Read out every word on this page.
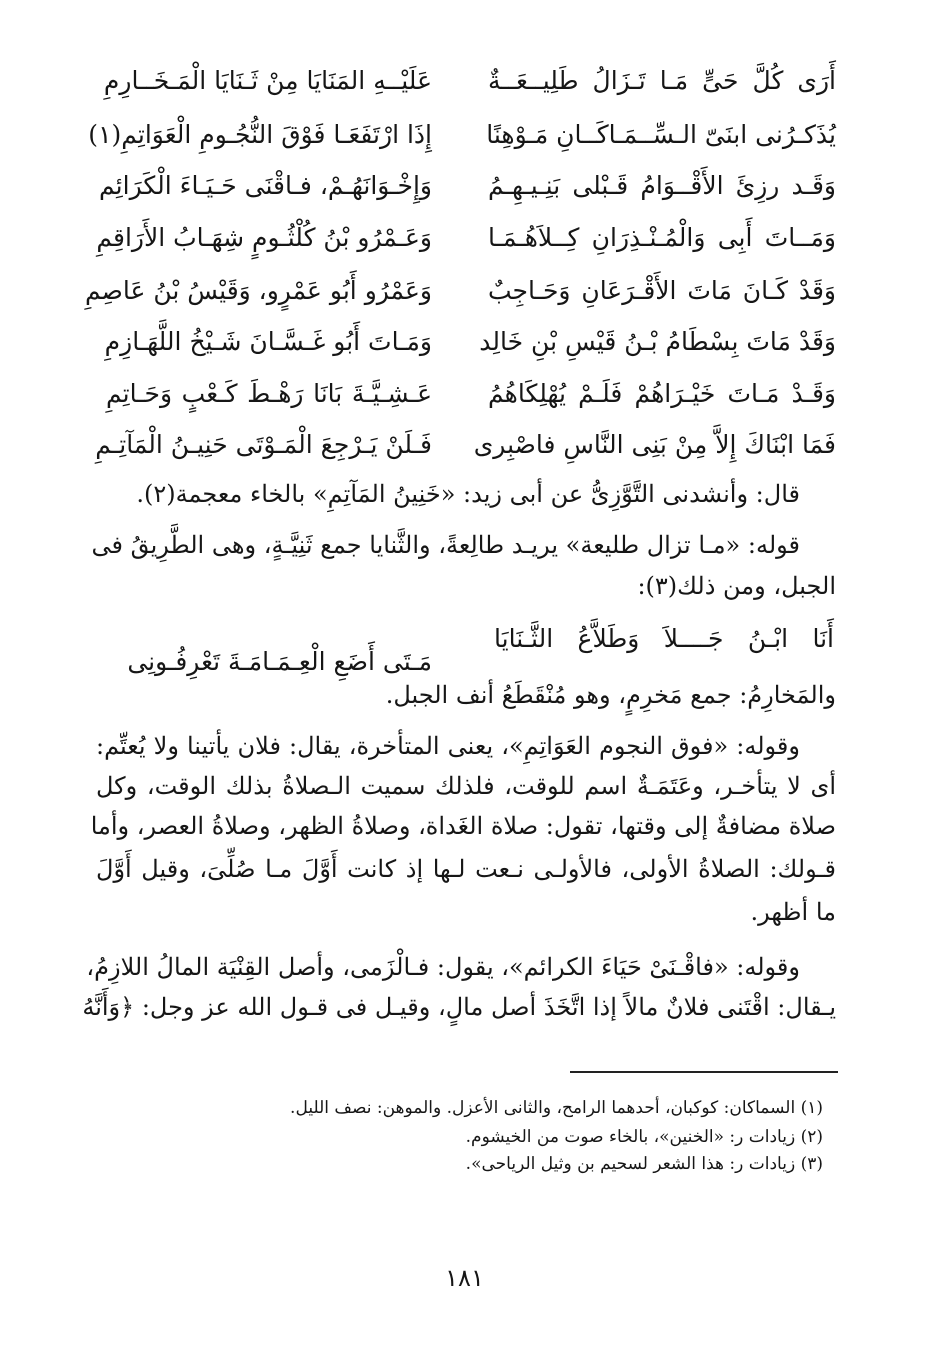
أَرَى كُلَّ حَىٍّ مَـا تَـزَالُ طَلِيــعَــةٌ
عَلَيْــهِ المَنَايَا مِنْ ثَـنَايَا الْمَـخَــارِمِ
يُذَكـرُنى ابنَىّ الـسِّــمَـاكَــانِ مَـوْهِنًا
إِذَا ارْتَفَعَـا فَوْقَ النُّجُـومِ الْعَوَاتِمِ(١)
وَقَـد رزِئَ الأَقْــوَامُ قَـبْلى بَنِـيـهِـمُ
وَإِخْـوَانَهُـمْ، فـاقْنَى حَـيَـاءَ الْكَرَائِم
وَمَــاتَ أَبِى وَالْمُـنْـذِرَانِ كِــلاَهُـمَـا
وَعَـمْرُو بْنُ كُلْثُـومٍ شِهَـابُ الأَرَاقِمِ
وَقَدْ كَـانَ مَاتَ الأَقْـرَعَانِ وَحَـاجِبٌ
وَعَمْرُو أَبُو عَمْرٍو، وَقَيْسُ بْنُ عَاصِمِ
وَقَدْ مَاتَ بِسْطَامُ بْـنُ قَيْسِ بْنِ خَالِد
وَمَـاتَ أَبُو غَـسَّـانَ شَـيْخُ اللَّهَـازِمِ
وَقَـدْ مَـاتَ خَيْـرَاهُمْ فَلَـمْ يُهْلِكَاهُمُ
عَـشِـيَّـةَ بَانَا رَهْـطَ كَـعْبٍ وَحَـاتِمِ
فَمَا ابْنَاكَ إِلاَّ مِنْ بَنِى النَّاسِ فاصْبِرى
فَـلَنْ يَـرْجِعَ الْمَـوْتَى حَنِيـنُ الْمَآتِـمِ
قال: وأنشدنى التَّوَّزِىُّ عن أبى زيد: «خَنِينُ المَآتِمِ» بالخاء معجمة(٢).
قوله: «مـا تزال طليعة» يريـد طالِعةً، والثَّنايا جمع ثَنِيَّـةٍ، وهى الطَّرِيقُ فى
الجبل، ومن ذلك(٣):
أَنَا ابْـنُ جَــــلاَ وَطَلاَّعُ الثَّـنَايَا
مَـتَى أَضَعِ الْعِـمَـامَـةَ تَعْرِفُـونِى
والمَخارِمُ: جمع مَخرِمٍ، وهو مُنْقَطَعُ أنف الجبل.
وقوله: «فوق النجوم العَوَاتِمِ»، يعنى المتأخرة، يقال: فلان يأتينا ولا يُعتِّم:
أى لا يتأخـر، وعَتَمَـةٌ اسم للوقت، فلذلك سميت الـصلاةُ بذلك الوقت، وكل
صلاة مضافةٌ إلى وقتها، تقول: صلاة الغَداة، وصلاةُ الظهر، وصلاةُ العصر، وأما
قـولك: الصلاةُ الأولى، فالأولـى نـعت لـها إذ كانت أَوَّلَ مـا صُلِّىَ، وقيل أَوَّلَ
ما أظهر.
وقوله: «فاقْـنَىْ حَيَاءَ الكرائم»، يقول: فـالْزَمى، وأصل القِنْيَة المالُ اللازِمُ،
يـقال: اقْتَنى فلانٌ مالاً إذا اتَّخَذَ أصل مالٍ، وقيـل فى قـول الله عز وجل: ﴿وَأَنَّهُ
(١) السماكان: كوكبان، أحدهما الرامح، والثانى الأعزل. والموهن: نصف الليل.
(٢) زيادات ر: «الخنين»، بالخاء صوت من الخيشوم.
(٣) زيادات ر: هذا الشعر لسحيم بن وثيل الرياحى».
١٨١
